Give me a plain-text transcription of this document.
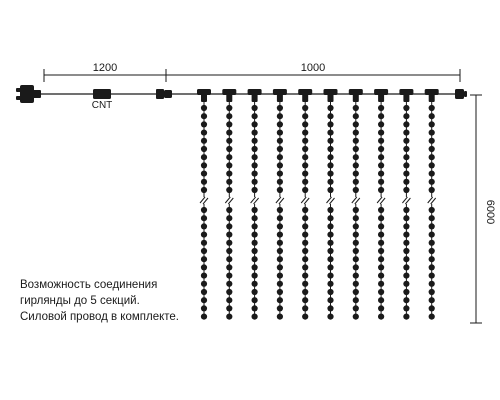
1200	1000
CNT
6000
Возможность соединения
гирлянды до 5 секций.
Силовой провод в комплекте.
